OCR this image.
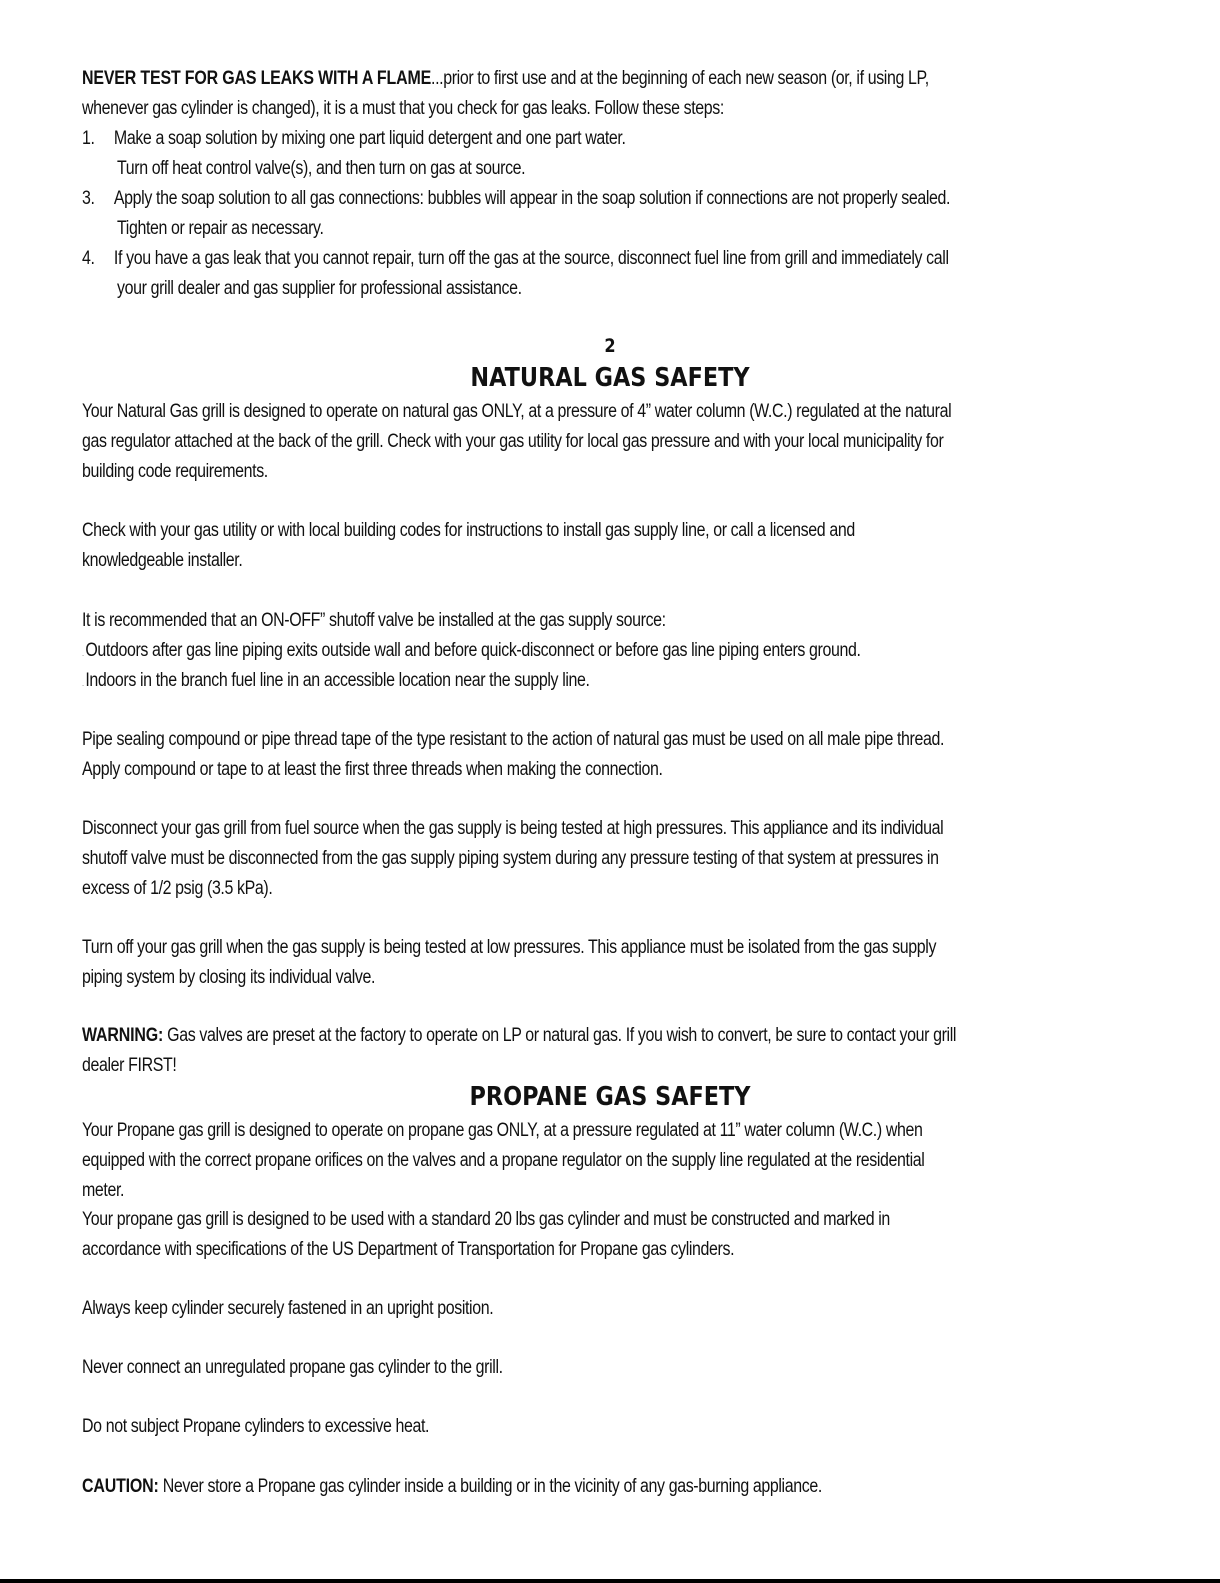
NEVER TEST FOR GAS LEAKS WITH A FLAME...prior to first use and at the beginning of each new season (or, if using LP,
whenever gas cylinder is changed), it is a must that you check for gas leaks. Follow these steps:
1. Make a soap solution by mixing one part liquid detergent and one part water.
Turn off heat control valve(s), and then turn on gas at source.
3. Apply the soap solution to all gas connections: bubbles will appear in the soap solution if connections are not properly sealed.
Tighten or repair as necessary.
4. If you have a gas leak that you cannot repair, turn off the gas at the source, disconnect fuel line from grill and immediately call
your grill dealer and gas supplier for professional assistance.
2
NATURAL GAS SAFETY
Your Natural Gas grill is designed to operate on natural gas ONLY, at a pressure of 4” water column (W.C.) regulated at the natural
gas regulator attached at the back of the grill. Check with your gas utility for local gas pressure and with your local municipality for
building code requirements.
Check with your gas utility or with local building codes for instructions to install gas supply line, or call a licensed and
knowledgeable installer.
It is recommended that an ON-OFF” shutoff valve be installed at the gas supply source:
.Outdoors after gas line piping exits outside wall and before quick-disconnect or before gas line piping enters ground.
.Indoors in the branch fuel line in an accessible location near the supply line.
Pipe sealing compound or pipe thread tape of the type resistant to the action of natural gas must be used on all male pipe thread.
Apply compound or tape to at least the first three threads when making the connection.
Disconnect your gas grill from fuel source when the gas supply is being tested at high pressures. This appliance and its individual
shutoff valve must be disconnected from the gas supply piping system during any pressure testing of that system at pressures in
excess of 1/2 psig (3.5 kPa).
Turn off your gas grill when the gas supply is being tested at low pressures. This appliance must be isolated from the gas supply
piping system by closing its individual valve.
WARNING: Gas valves are preset at the factory to operate on LP or natural gas. If you wish to convert, be sure to contact your grill
dealer FIRST!
PROPANE GAS SAFETY
Your Propane gas grill is designed to operate on propane gas ONLY, at a pressure regulated at 11” water column (W.C.) when
equipped with the correct propane orifices on the valves and a propane regulator on the supply line regulated at the residential
meter.
Your propane gas grill is designed to be used with a standard 20 lbs gas cylinder and must be constructed and marked in
accordance with specifications of the US Department of Transportation for Propane gas cylinders.
Always keep cylinder securely fastened in an upright position.
Never connect an unregulated propane gas cylinder to the grill.
Do not subject Propane cylinders to excessive heat.
CAUTION: Never store a Propane gas cylinder inside a building or in the vicinity of any gas-burning appliance.
